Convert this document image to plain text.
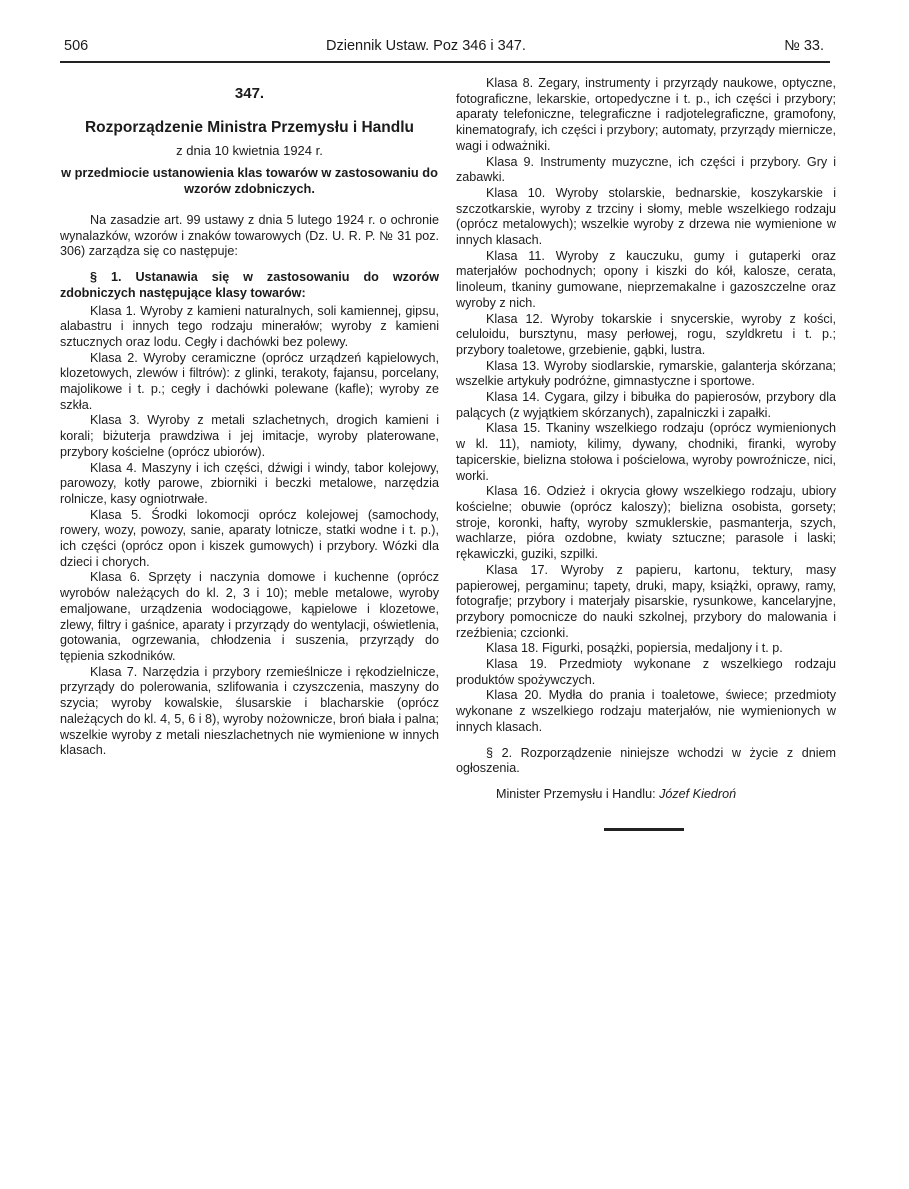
506	Dziennik Ustaw. Poz 346 i 347.	№ 33.
347.
Rozporządzenie Ministra Przemysłu i Handlu
z dnia 10 kwietnia 1924 r.
w przedmiocie ustanowienia klas towarów w zastosowaniu do wzorów zdobniczych.

Na zasadzie art. 99 ustawy z dnia 5 lutego 1924 r. o ochronie wynalazków, wzorów i znaków towarowych (Dz. U. R. P. № 31 poz. 306) zarządza się co następuje:

§ 1. Ustanawia się w zastosowaniu do wzorów zdobniczych następujące klasy towarów:

Klasa 1. Wyroby z kamieni naturalnych, soli kamiennej, gipsu, alabastru i innych tego rodzaju minerałów; wyroby z kamieni sztucznych oraz lodu. Cegły i dachówki bez polewy.

Klasa 2. Wyroby ceramiczne (oprócz urządzeń kąpielowych, klozetowych, zlewów i filtrów): z glinki, terakoty, fajansu, porcelany, majolikowe i t. p.; cegły i dachówki polewane (kafle); wyroby ze szkła.

Klasa 3. Wyroby z metali szlachetnych, drogich kamieni i korali; biżuterja prawdziwa i jej imitacje, wyroby platerowane, przybory kościelne (oprócz ubiorów).

Klasa 4. Maszyny i ich części, dźwigi i windy, tabor kolejowy, parowozy, kotły parowe, zbiorniki i beczki metalowe, narzędzia rolnicze, kasy ogniotrwałe.

Klasa 5. Środki lokomocji oprócz kolejowej (samochody, rowery, wozy, powozy, sanie, aparaty lotnicze, statki wodne i t. p.), ich części (oprócz opon i kiszek gumowych) i przybory. Wózki dla dzieci i chorych.

Klasa 6. Sprzęty i naczynia domowe i kuchenne (oprócz wyrobów należących do kl. 2, 3 i 10); meble metalowe, wyroby emaljowane, urządzenia wodociągowe, kąpielowe i klozetowe, zlewy, filtry i gaśnice, aparaty i przyrządy do wentylacji, oświetlenia, gotowania, ogrzewania, chłodzenia i suszenia, przyrządy do tępienia szkodników.

Klasa 7. Narzędzia i przybory rzemieślnicze i rękodzielnicze, przyrządy do polerowania, szlifowania i czyszczenia, maszyny do szycia; wyroby kowalskie, ślusarskie i blacharskie (oprócz należących do kl. 4, 5, 6 i 8), wyroby nożownicze, broń biała i palna; wszelkie wyroby z metali nieszlachetnych nie wymienione w innych klasach.

Klasa 8. Zegary, instrumenty i przyrządy naukowe, optyczne, fotograficzne, lekarskie, ortopedyczne i t. p., ich części i przybory; aparaty telefoniczne, telegraficzne i radjotelegraficzne, gramofony, kinematografy, ich części i przybory; automaty, przyrządy miernicze, wagi i odważniki.

Klasa 9. Instrumenty muzyczne, ich części i przybory. Gry i zabawki.

Klasa 10. Wyroby stolarskie, bednarskie, koszykarskie i szczotkarskie, wyroby z trzciny i słomy, meble wszelkiego rodzaju (oprócz metalowych); wszelkie wyroby z drzewa nie wymienione w innych klasach.

Klasa 11. Wyroby z kauczuku, gumy i gutaperki oraz materjałów pochodnych; opony i kiszki do kół, kalosze, cerata, linoleum, tkaniny gumowane, nieprzemakalne i gazoszczelne oraz wyroby z nich.

Klasa 12. Wyroby tokarskie i snycerskie, wyroby z kości, celuloidu, bursztynu, masy perłowej, rogu, szyldkretu i t. p.; przybory toaletowe, grzebienie, gąbki, lustra.

Klasa 13. Wyroby siodlarskie, rymarskie, galanterja skórzana; wszelkie artykuły podróżne, gimnastyczne i sportowe.

Klasa 14. Cygara, gilzy i bibułka do papierosów, przybory dla palących (z wyjątkiem skórzanych), zapalniczki i zapałki.

Klasa 15. Tkaniny wszelkiego rodzaju (oprócz wymienionych w kl. 11), namioty, kilimy, dywany, chodniki, firanki, wyroby tapicerskie, bielizna stołowa i pościelowa, wyroby powroźnicze, nici, worki.

Klasa 16. Odzież i okrycia głowy wszelkiego rodzaju, ubiory kościelne; obuwie (oprócz kaloszy); bielizna osobista, gorsety; stroje, koronki, hafty, wyroby szmuklerskie, pasmanterja, szych, wachlarze, pióra ozdobne, kwiaty sztuczne; parasole i laski; rękawiczki, guziki, szpilki.

Klasa 17. Wyroby z papieru, kartonu, tektury, masy papierowej, pergaminu; tapety, druki, mapy, książki, oprawy, ramy, fotografje; przybory i materjały pisarskie, rysunkowe, kancelaryjne, przybory pomocnicze do nauki szkolnej, przybory do malowania i rzeźbienia; czcionki.

Klasa 18. Figurki, posążki, popiersia, medaljony i t. p.

Klasa 19. Przedmioty wykonane z wszelkiego rodzaju produktów spożywczych.

Klasa 20. Mydła do prania i toaletowe, świece; przedmioty wykonane z wszelkiego rodzaju materjałów, nie wymienionych w innych klasach.

§ 2. Rozporządzenie niniejsze wchodzi w życie z dniem ogłoszenia.

Minister Przemysłu i Handlu: Józef Kiedroń
